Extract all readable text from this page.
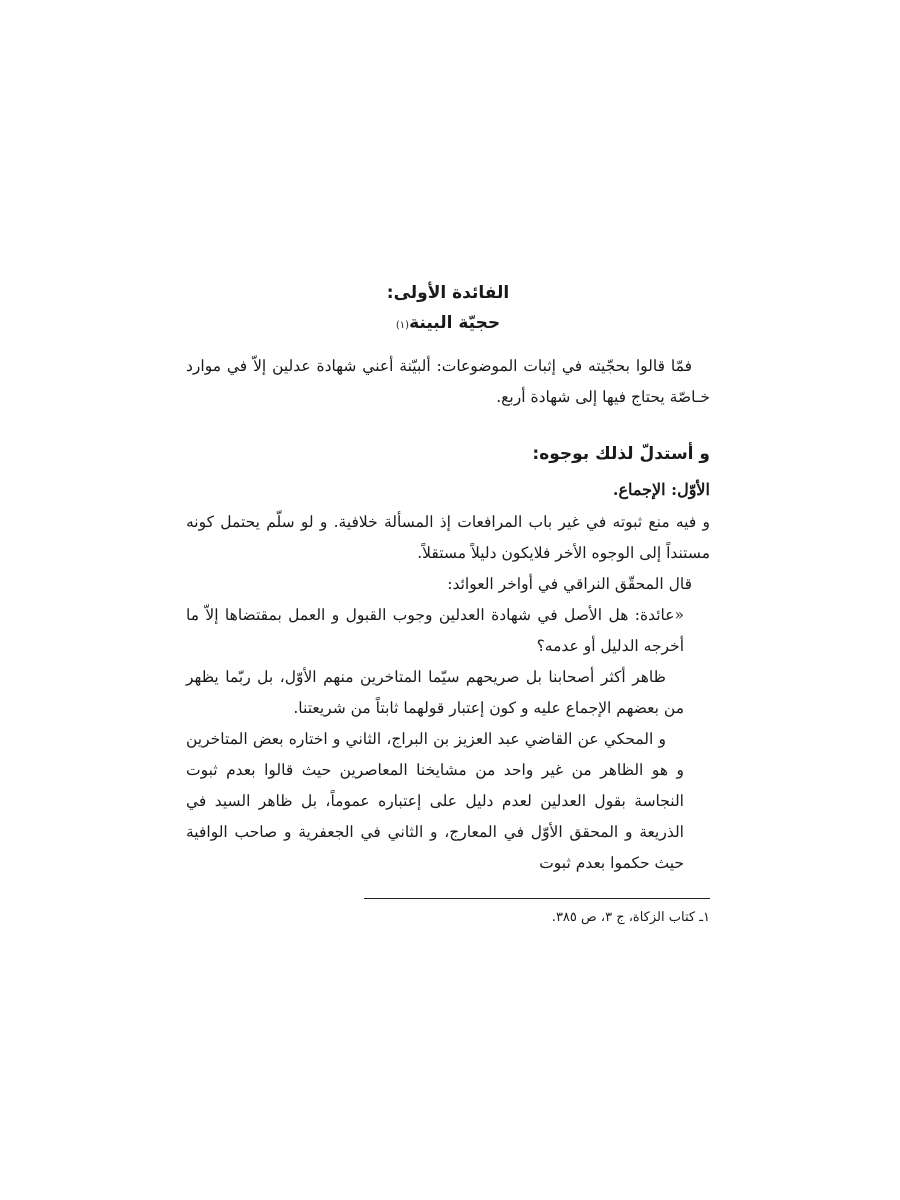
الفائدة الأولى:

حجيّة البينة(١)

فمّا قالوا بحجّيته في إثبات الموضوعات: ألبيّنة أعني شهادة عدلين إلاّ في موارد خـاصّة يحتاج فيها إلى شهادة أربع.

و أستدلّ لذلك بوجوه:
الأوّل: الإجماع.

و فيه منع ثبوته في غير باب المرافعات إذ المسألة خلافية. و لو سلّم يحتمل كونه مستنداً إلى الوجوه الأخر فلايكون دليلاً مستقلاً.

قال المحقّق النراقي في أواخر العوائد:

«عائدة: هل الأصل في شهادة العدلين وجوب القبول و العمل بمقتضاها إلاّ ما أخرجه الدليل أو عدمه؟

ظاهر أكثر أصحابنا بل صريحهم سيّما المتاخرين منهم الأوّل، بل ربّما يظهر من بعضهم الإجماع عليه و كون إعتبار قولهما ثابتاً من شريعتنا.

و المحكي عن القاضي عبد العزيز بن البراج، الثاني و اختاره بعض المتاخرين و هو الظاهر من غير واحد من مشايخنا المعاصرين حيث قالوا بعدم ثبوت النجاسة بقول العدلين لعدم دليل على إعتباره عموماً، بل ظاهر السيد في الذريعة و المحقق الأوّل في المعارج، و الثاني في الجعفرية و صاحب الوافية حيث حكموا بعدم ثبوت

١ـ كتاب الزكاة، ج ٣، ص ٣٨٥.
